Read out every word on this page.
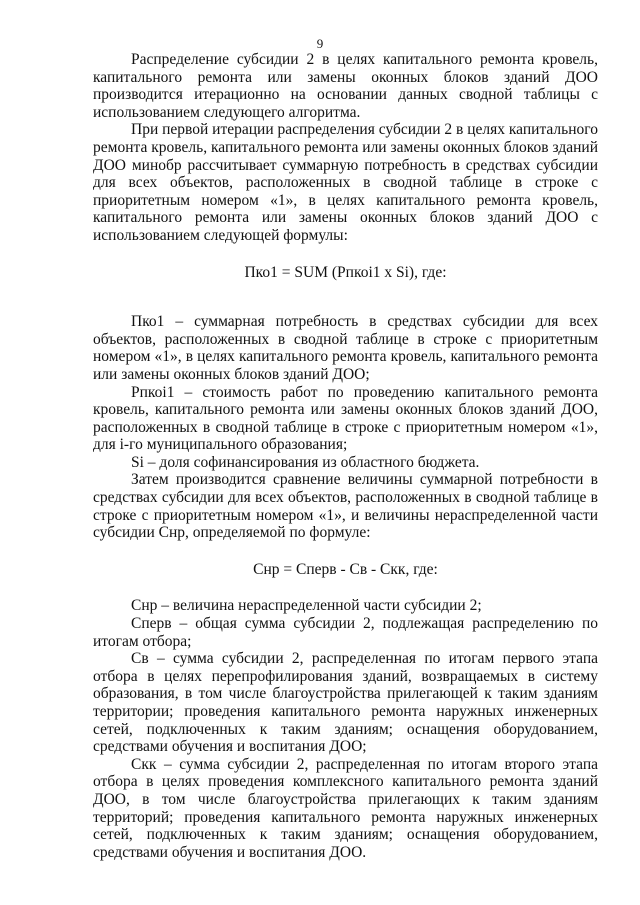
9

Распределение субсидии 2 в целях капитального ремонта кровель, капитального ремонта или замены оконных блоков зданий ДОО производится итерационно на основании данных сводной таблицы с использованием следующего алгоритма.

При первой итерации распределения субсидии 2 в целях капитального ремонта кровель, капитального ремонта или замены оконных блоков зданий ДОО минобр рассчитывает суммарную потребность в средствах субсидии для всех объектов, расположенных в сводной таблице в строке с приоритетным номером «1», в целях капитального ремонта кровель, капитального ремонта или замены оконных блоков зданий ДОО с использованием следующей формулы:

Пко1 = SUM (Рпкоi1 x Si), где:

Пко1 – суммарная потребность в средствах субсидии для всех объектов, расположенных в сводной таблице в строке с приоритетным номером «1», в целях капитального ремонта кровель, капитального ремонта или замены оконных блоков зданий ДОО;

Рпкоi1 – стоимость работ по проведению капитального ремонта кровель, капитального ремонта или замены оконных блоков зданий ДОО, расположенных в сводной таблице в строке с приоритетным номером «1», для i-го муниципального образования;

Si – доля софинансирования из областного бюджета.

Затем производится сравнение величины суммарной потребности в средствах субсидии для всех объектов, расположенных в сводной таблице в строке с приоритетным номером «1», и величины нераспределенной части субсидии Снр, определяемой по формуле:

Снр = Сперв - Св - Скк, где:

Снр – величина нераспределенной части субсидии 2;

Сперв – общая сумма субсидии 2, подлежащая распределению по итогам отбора;

Св – сумма субсидии 2, распределенная по итогам первого этапа отбора в целях перепрофилирования зданий, возвращаемых в систему образования, в том числе благоустройства прилегающей к таким зданиям территории; проведения капитального ремонта наружных инженерных сетей, подключенных к таким зданиям; оснащения оборудованием, средствами обучения и воспитания ДОО;

Скк – сумма субсидии 2, распределенная по итогам второго этапа отбора в целях проведения комплексного капитального ремонта зданий ДОО, в том числе благоустройства прилегающих к таким зданиям территорий; проведения капитального ремонта наружных инженерных сетей, подключенных к таким зданиям; оснащения оборудованием, средствами обучения и воспитания ДОО.
